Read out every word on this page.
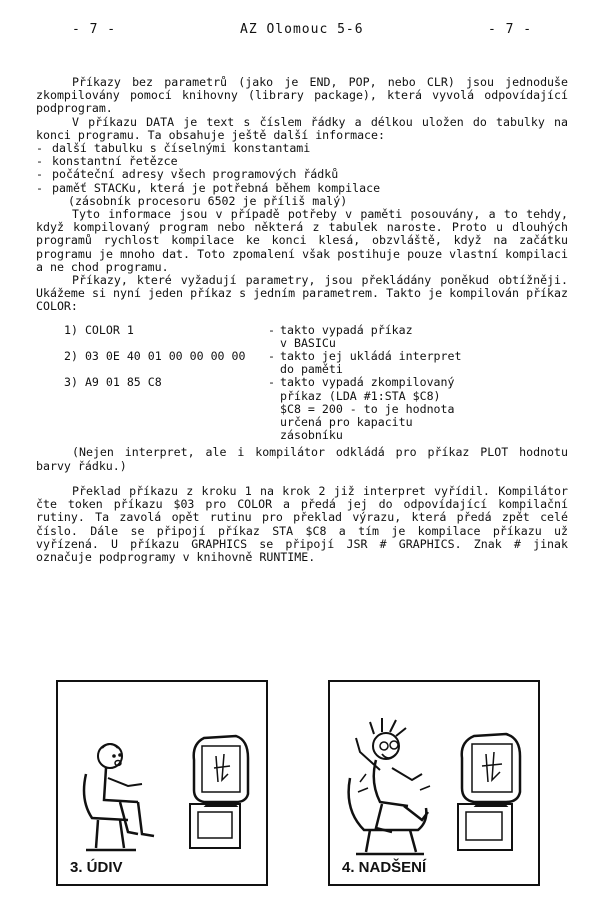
- 7 -	AZ Olomouc 5-6	- 7 -

Příkazy bez parametrů (jako je END, POP, nebo CLR) jsou jednoduše zkompilovány pomocí knihovny (library package), která vyvolá odpovídající podprogram.

V příkazu DATA je text s číslem řádky a délkou uložen do tabulky na konci programu. Ta obsahuje ještě další informace:

- další tabulku s číselnými konstantami
- konstantní řetězce
- počáteční adresy všech programových řádků
- paměť STACKu, která je potřebná během kompilace
(zásobník procesoru 6502 je příliš malý)

Tyto informace jsou v případě potřeby v paměti posouvány, a to tehdy, když kompilovaný program nebo některá z tabulek naroste. Proto u dlouhých programů rychlost kompilace ke konci klesá, obzvláště, když na začátku programu je mnoho dat. Toto zpomalení však postihuje pouze vlastní kompilaci a ne chod programu.

Příkazy, které vyžadují parametry, jsou překládány poněkud obtížněji. Ukážeme si nyní jeden příkaz s jedním parametrem. Takto je kompilován příkaz COLOR:

1) COLOR 1	- takto vypadá příkaz
v BASICu
2) 03 0E 40 01 00 00 00 00	- takto jej ukládá interpret
do paměti
3) A9 01 85 C8	- takto vypadá zkompilovaný
příkaz (LDA #1:STA $C8)
$C8 = 200 - to je hodnota
určená pro kapacitu
zásobníku

(Nejen interpret, ale i kompilátor odkládá pro příkaz PLOT hodnotu barvy řádku.)

Překlad příkazu z kroku 1 na krok 2 již interpret vyřídil. Kompilátor čte token příkazu $03 pro COLOR a předá jej do odpovídající kompilační rutiny. Ta zavolá opět rutinu pro překlad výrazu, která předá zpět celé číslo. Dále se připojí příkaz STA $C8 a tím je kompilace příkazu už vyřízená. U příkazu GRAPHICS se připojí JSR # GRAPHICS. Znak # jinak označuje podprogramy v knihovně RUNTIME.

3. ÚDIV	4. NADŠENÍ
